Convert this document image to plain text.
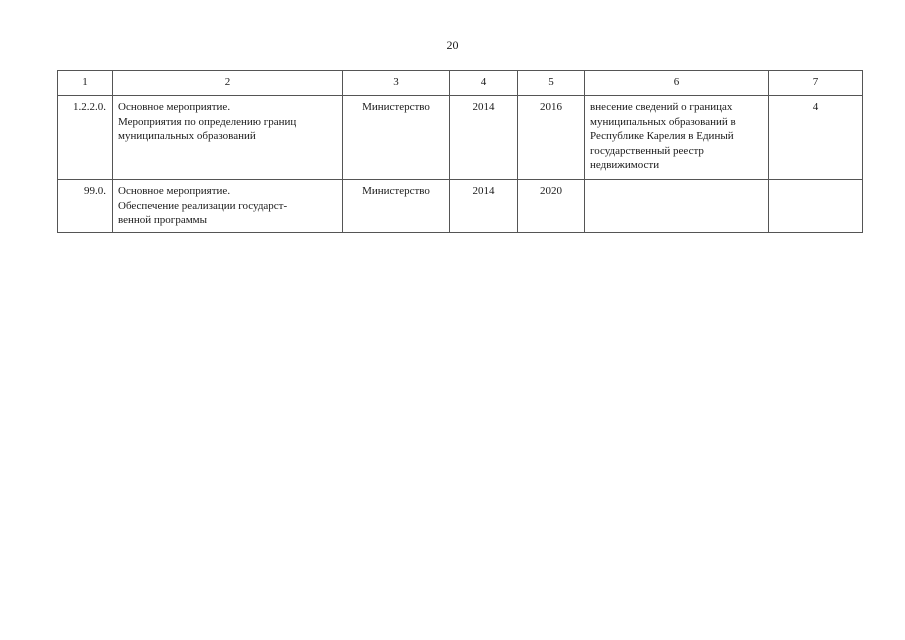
20
1	2	3	4	5	6	7
1.2.2.0.	Основное мероприятие.
Мероприятия по определению границ
муниципальных образований	Министерство	2014	2016	внесение сведений о границах
муниципальных образований в
Республике Карелия в Единый
государственный реестр
недвижимости	4
99.0.	Основное мероприятие.
Обеспечение реализации государст-
венной программы	Министерство	2014	2020		
